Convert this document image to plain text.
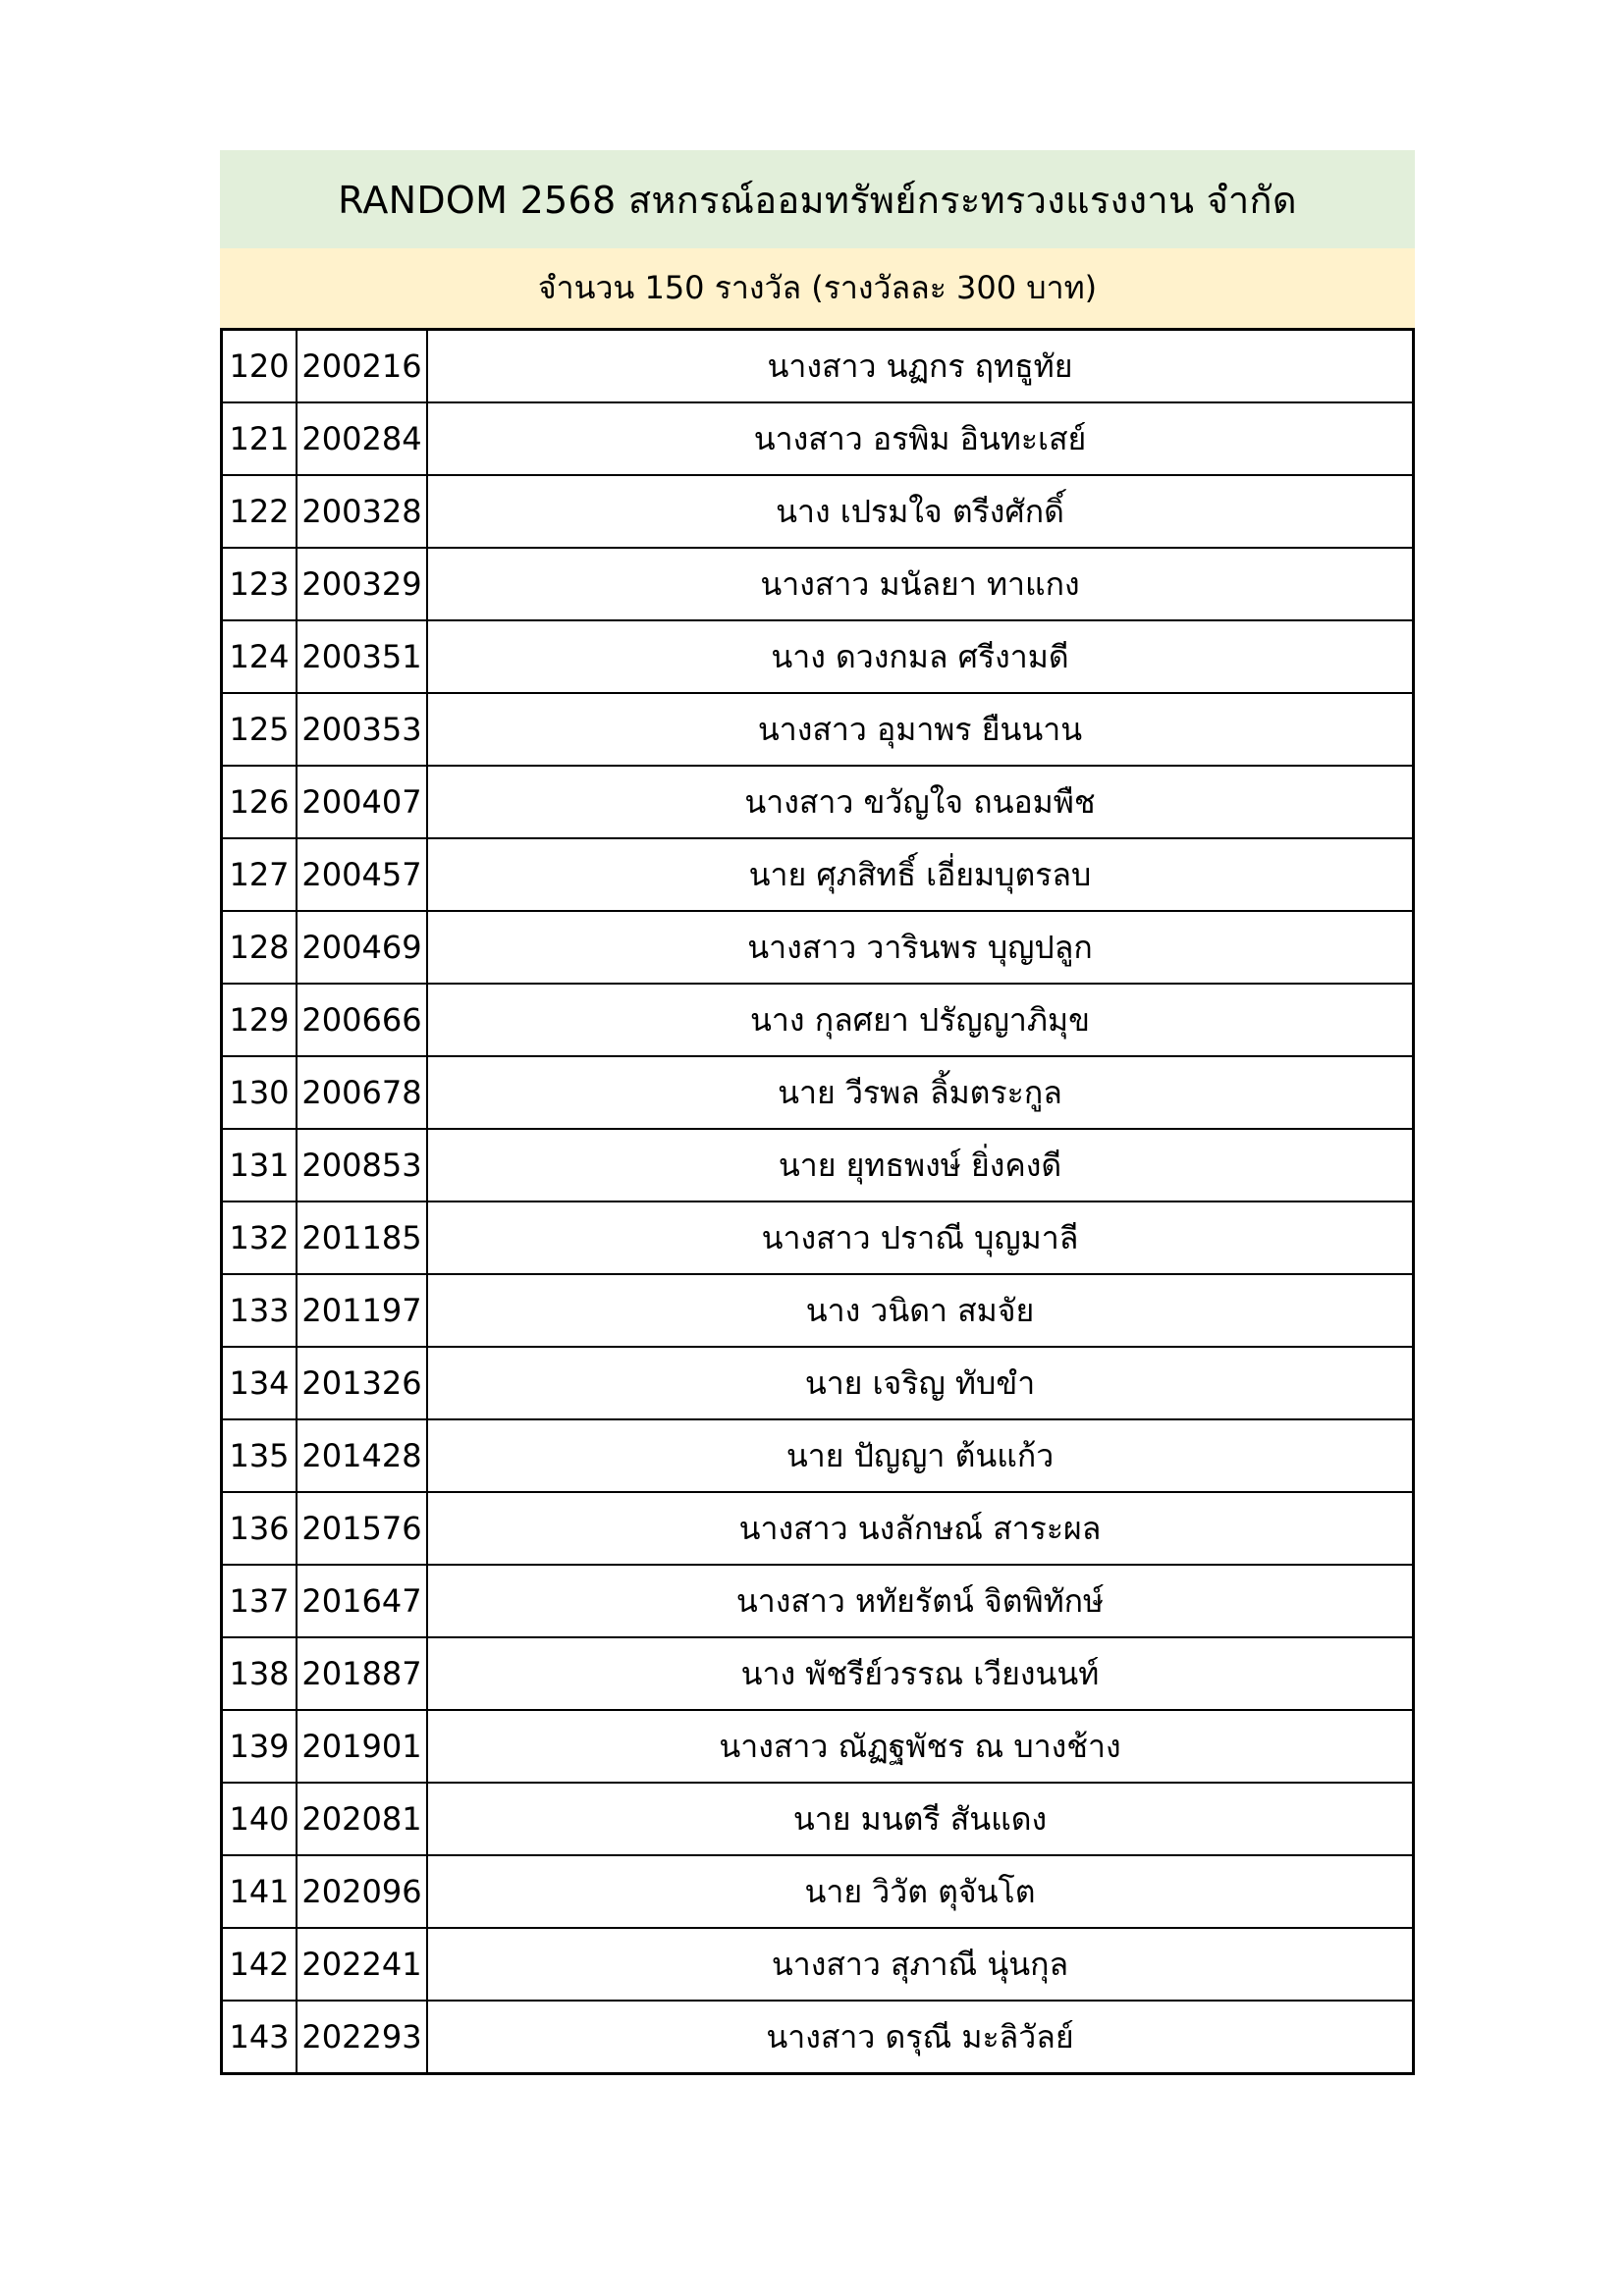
RANDOM 2568 สหกรณ์ออมทรัพย์กระทรวงแรงงาน จำกัด
จำนวน 150 รางวัล (รางวัลละ 300 บาท)
120	200216	นางสาว นฏกร ฤทธูทัย
121	200284	นางสาว อรพิม อินทะเสย์
122	200328	นาง เปรมใจ ตรีงศักดิ์
123	200329	นางสาว มนัลยา ทาแกง
124	200351	นาง ดวงกมล ศรีงามดี
125	200353	นางสาว อุมาพร ยืนนาน
126	200407	นางสาว ขวัญใจ ถนอมพืช
127	200457	นาย ศุภสิทธิ์ เอี่ยมบุตรลบ
128	200469	นางสาว วารินพร บุญปลูก
129	200666	นาง กุลศยา ปรัญญาภิมุข
130	200678	นาย วีรพล ลิ้มตระกูล
131	200853	นาย ยุทธพงษ์ ยิ่งคงดี
132	201185	นางสาว ปราณี บุญมาลี
133	201197	นาง วนิดา สมจัย
134	201326	นาย เจริญ ทับขำ
135	201428	นาย ปัญญา ต้นแก้ว
136	201576	นางสาว นงลักษณ์ สาระผล
137	201647	นางสาว หทัยรัตน์ จิตพิทักษ์
138	201887	นาง พัชรีย์วรรณ เวียงนนท์
139	201901	นางสาว ณัฏฐพัชร ณ บางช้าง
140	202081	นาย มนตรี สันแดง
141	202096	นาย วิวัต ตุจันโต
142	202241	นางสาว สุภาณี นุ่นกุล
143	202293	นางสาว ดรุณี มะลิวัลย์
